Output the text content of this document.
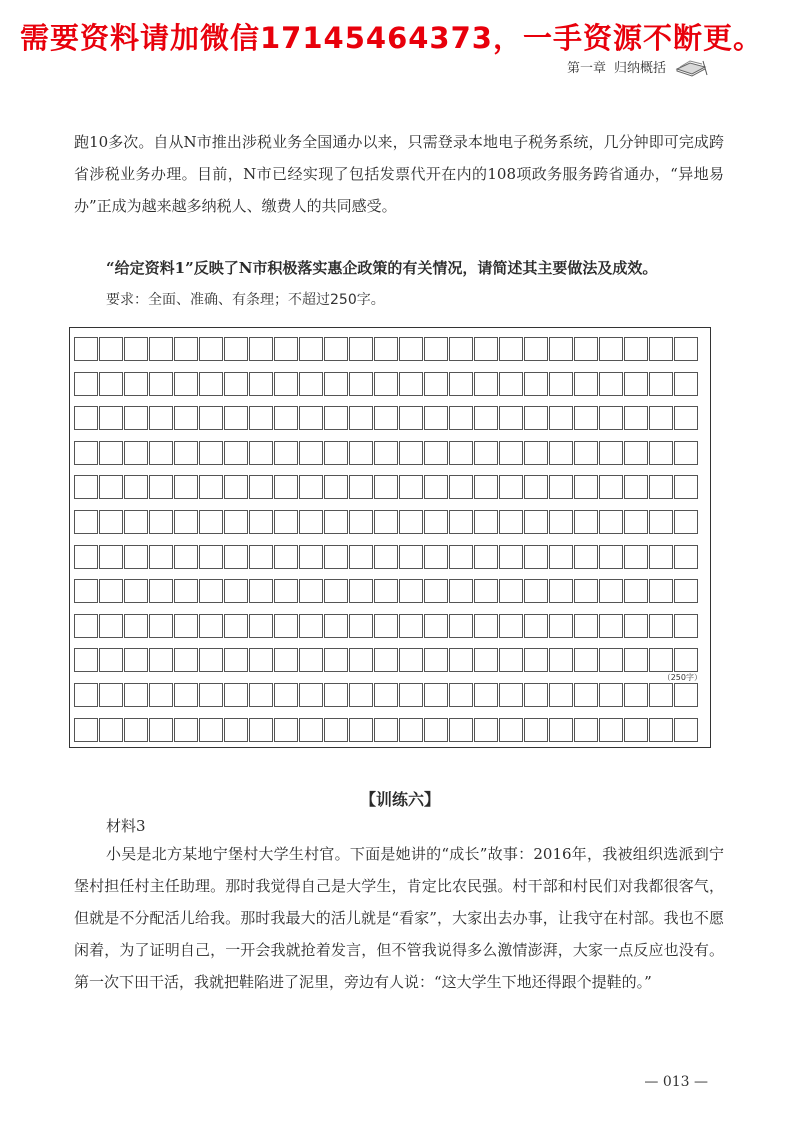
需要资料请加微信17145464373，一手资源不断更。
第一章 归纳概括
跑10多次。自从N市推出涉税业务全国通办以来，只需登录本地电子税务系统，几分钟即可完成跨省涉税业务办理。目前，N市已经实现了包括发票代开在内的108项政务服务跨省通办，“异地易办”正成为越来越多纳税人、缴费人的共同感受。
“给定资料1”反映了N市积极落实惠企政策的有关情况，请简述其主要做法及成效。
要求：全面、准确、有条理；不超过250字。
（250字）
【训练六】
材料3
小吴是北方某地宁堡村大学生村官。下面是她讲的“成长”故事：2016年，我被组织选派到宁堡村担任村主任助理。那时我觉得自己是大学生，肯定比农民强。村干部和村民们对我都很客气，但就是不分配活儿给我。那时我最大的活儿就是“看家”，大家出去办事，让我守在村部。我也不愿闲着，为了证明自己，一开会我就抢着发言，但不管我说得多么激情澎湃，大家一点反应也没有。第一次下田干活，我就把鞋陷进了泥里，旁边有人说：“这大学生下地还得跟个提鞋的。”
— 013 —
